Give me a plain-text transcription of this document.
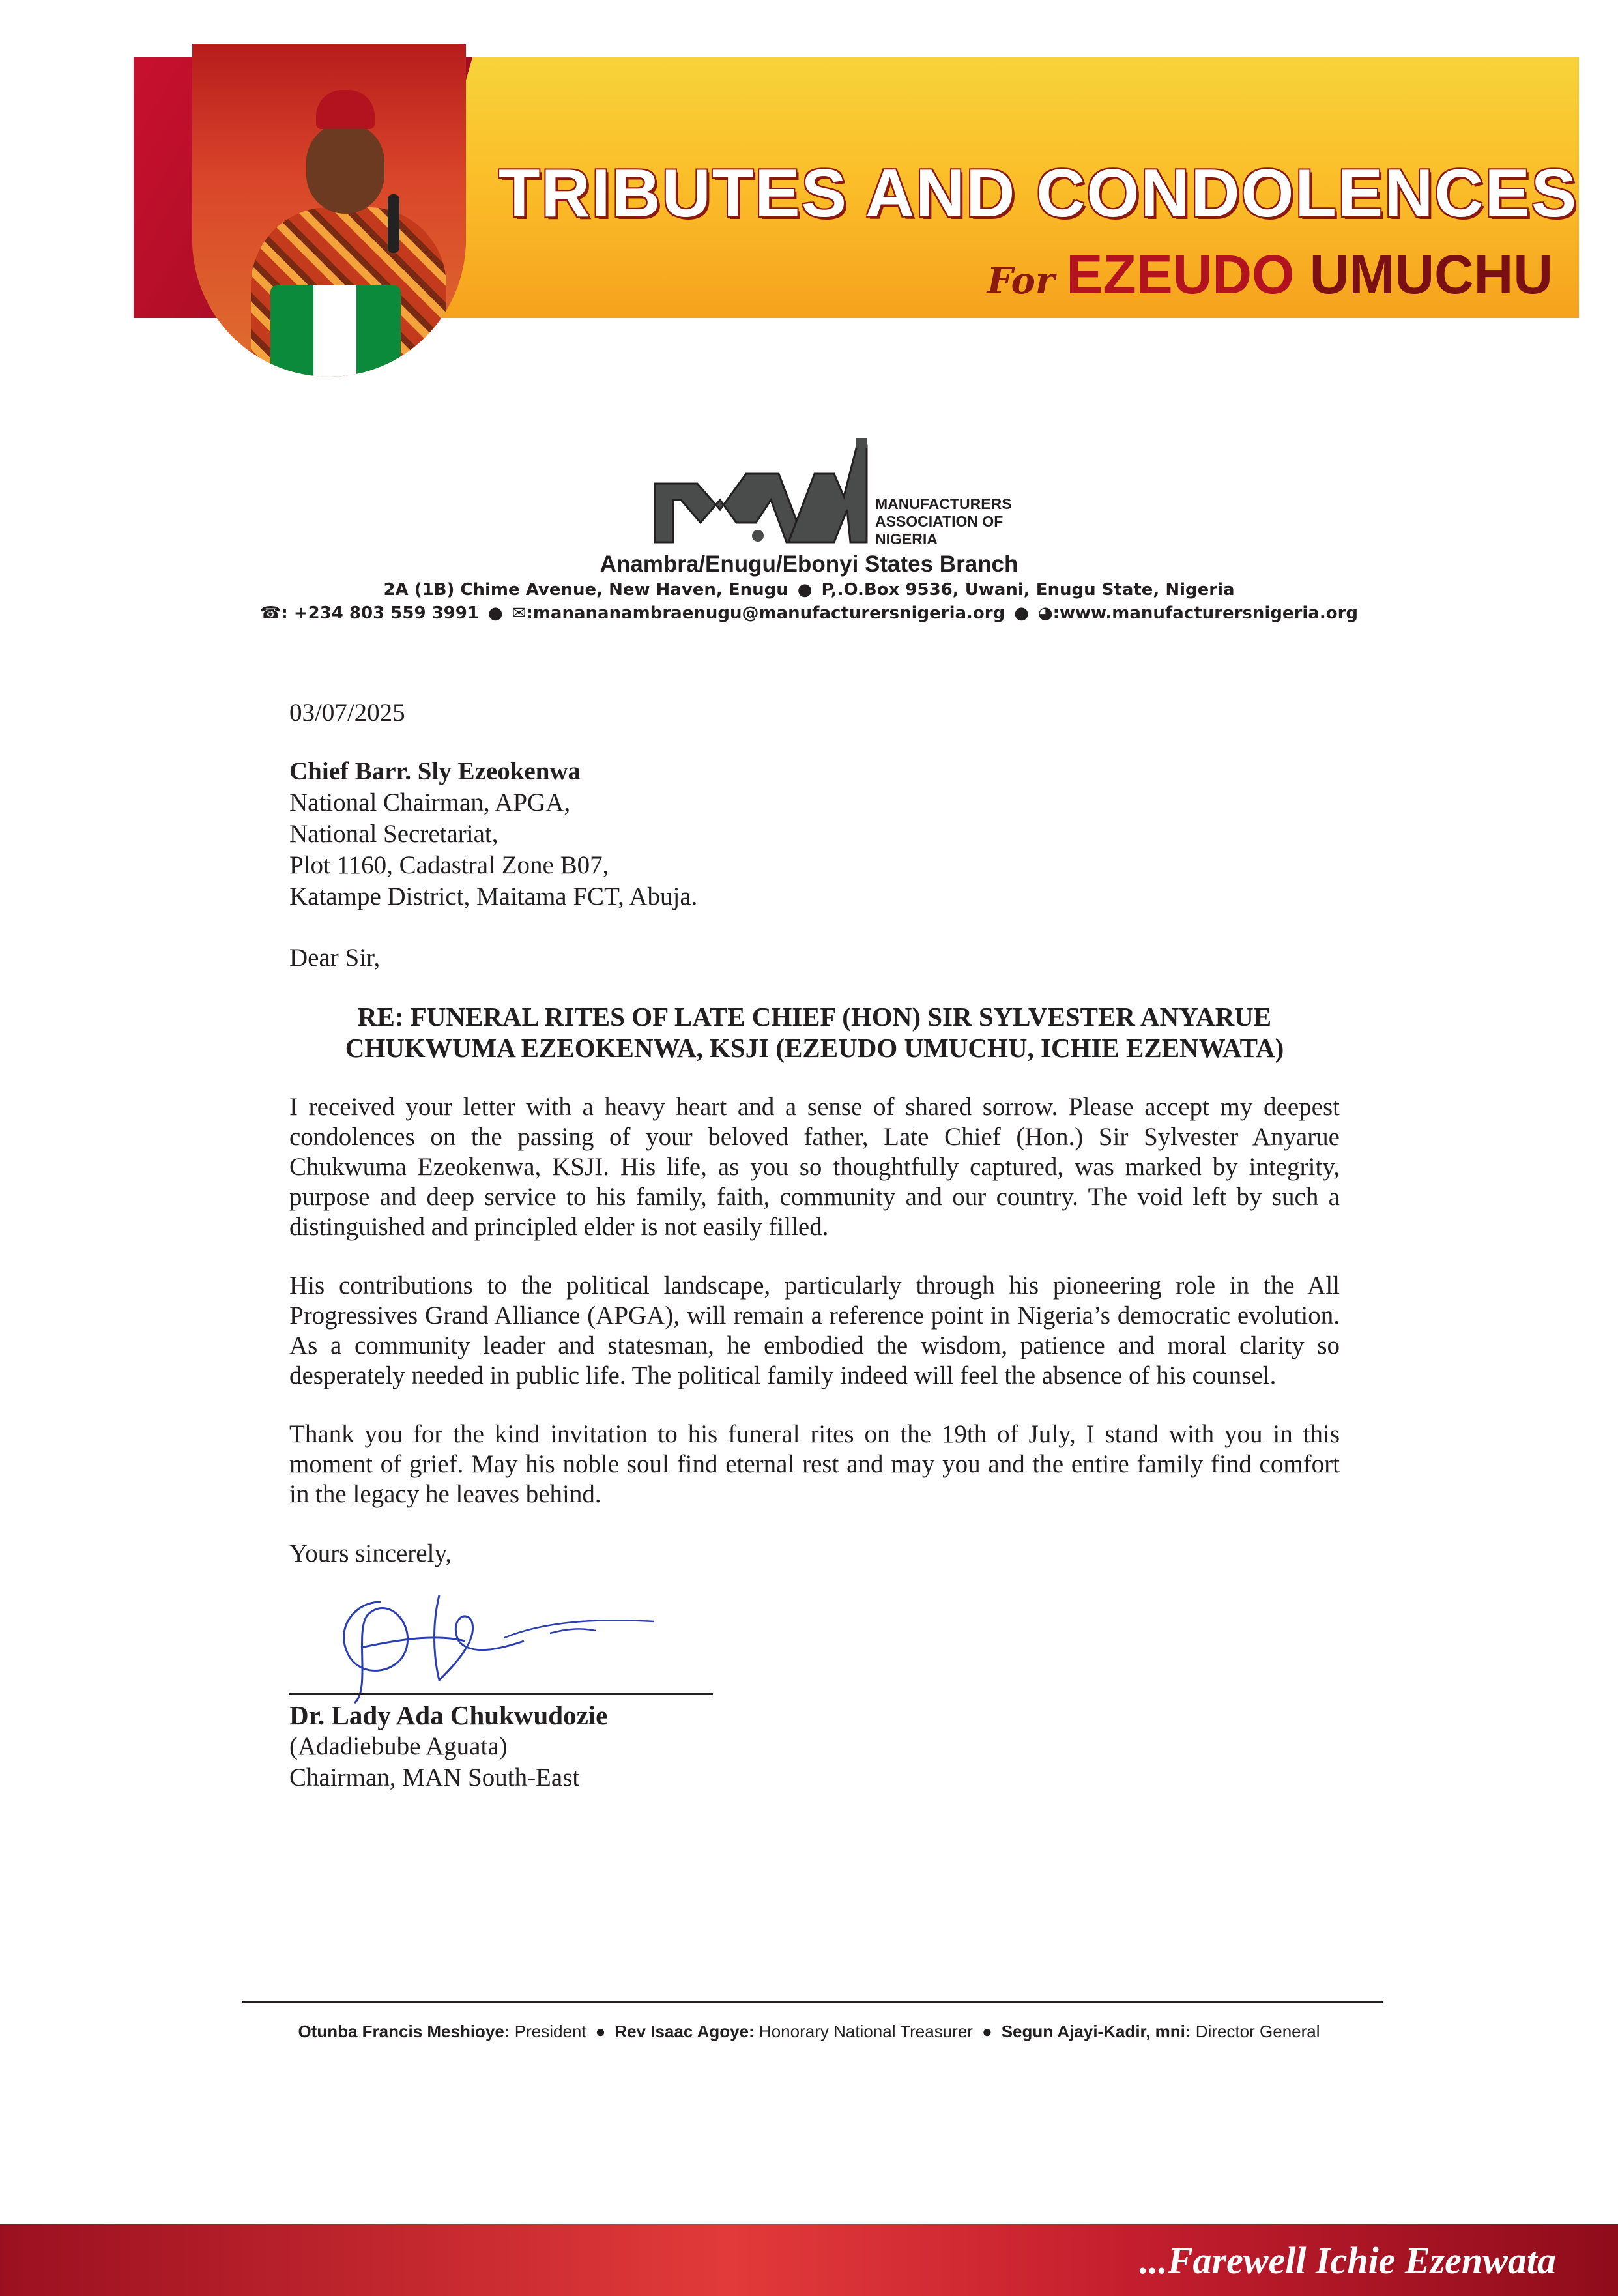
TRIBUTES AND CONDOLENCES
For EZEUDO UMUCHU
MANUFACTURERS
ASSOCIATION OF
NIGERIA
Anambra/Enugu/Ebonyi States Branch
2A (1B) Chime Avenue, New Haven, Enugu ● P,.O.Box 9536, Uwani, Enugu State, Nigeria
☎: +234 803 559 3991 ● ✉:manananambraenugu@manufacturersnigeria.org ● ◕:www.manufacturersnigeria.org

03/07/2025

Chief Barr. Sly Ezeokenwa

National Chairman, APGA,

National Secretariat,

Plot 1160, Cadastral Zone B07,

Katampe District, Maitama FCT, Abuja.

Dear Sir,

RE: FUNERAL RITES OF LATE CHIEF (HON) SIR SYLVESTER ANYARUE CHUKWUMA EZEOKENWA, KSJI (EZEUDO UMUCHU, ICHIE EZENWATA)

I received your letter with a heavy heart and a sense of shared sorrow. Please accept my deepest condolences on the passing of your beloved father, Late Chief (Hon.) Sir Sylvester Anyarue Chukwuma Ezeokenwa, KSJI. His life, as you so thoughtfully captured, was marked by integrity, purpose and deep service to his family, faith, community and our country. The void left by such a distinguished and principled elder is not easily filled.

His contributions to the political landscape, particularly through his pioneering role in the All Progressives Grand Alliance (APGA), will remain a reference point in Nigeria’s democratic evolution. As a community leader and statesman, he embodied the wisdom, patience and moral clarity so desperately needed in public life. The political family indeed will feel the absence of his counsel.

Thank you for the kind invitation to his funeral rites on the 19th of July, I stand with you in this moment of grief. May his noble soul find eternal rest and may you and the entire family find comfort in the legacy he leaves behind.

Yours sincerely,

Dr. Lady Ada Chukwudozie

(Adadiebube Aguata)

Chairman, MAN South-East

Otunba Francis Meshioye: President ● Rev Isaac Agoye: Honorary National Treasurer ● Segun Ajayi-Kadir, mni: Director General
...Farewell Ichie Ezenwata
